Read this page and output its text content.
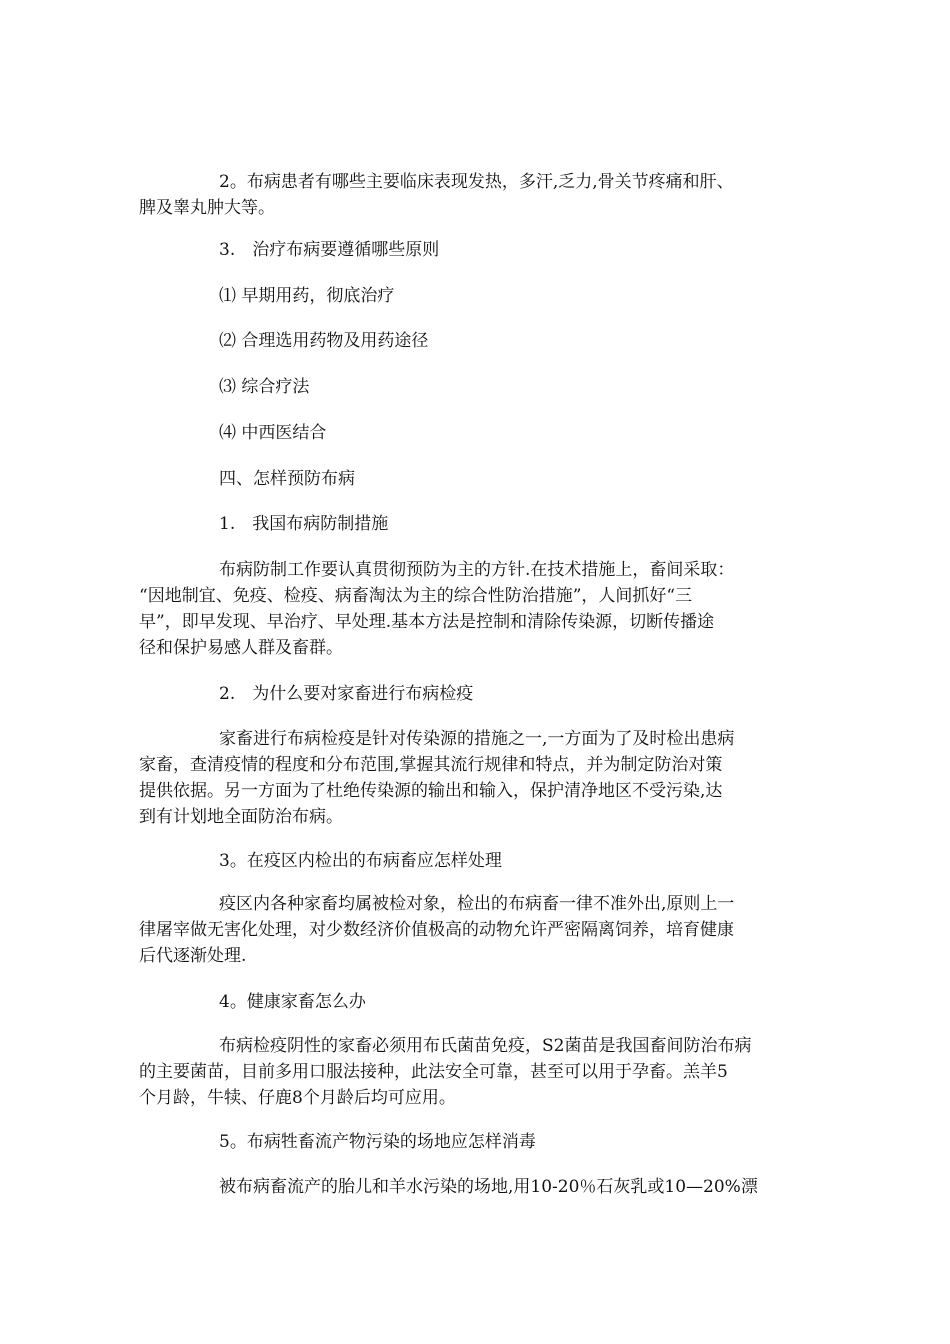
2。布病患者有哪些主要临床表现发热，多汗,乏力,骨关节疼痛和肝、
脾及睾丸肿大等。
3.　治疗布病要遵循哪些原则
⑴ 早期用药，彻底治疗
⑵ 合理选用药物及用药途径
⑶ 综合疗法
⑷ 中西医结合
四、怎样预防布病
1.　我国布病防制措施
布病防制工作要认真贯彻预防为主的方针.在技术措施上，畜间采取：
“因地制宜、免疫、检疫、病畜淘汰为主的综合性防治措施”，人间抓好“三
早”，即早发现、早治疗、早处理.基本方法是控制和清除传染源，切断传播途
径和保护易感人群及畜群。
2.　为什么要对家畜进行布病检疫
家畜进行布病检疫是针对传染源的措施之一,一方面为了及时检出患病
家畜，查清疫情的程度和分布范围,掌握其流行规律和特点，并为制定防治对策
提供依据。另一方面为了杜绝传染源的输出和输入，保护清净地区不受污染,达
到有计划地全面防治布病。
3。在疫区内检出的布病畜应怎样处理
疫区内各种家畜均属被检对象，检出的布病畜一律不准外出,原则上一
律屠宰做无害化处理，对少数经济价值极高的动物允许严密隔离饲养，培育健康
后代逐渐处理.
4。健康家畜怎么办
布病检疫阴性的家畜必须用布氏菌苗免疫，S2菌苗是我国畜间防治布病
的主要菌苗，目前多用口服法接种，此法安全可靠，甚至可以用于孕畜。羔羊5
个月龄，牛犊、仔鹿8个月龄后均可应用。
5。布病牲畜流产物污染的场地应怎样消毒
被布病畜流产的胎儿和羊水污染的场地,用10-20％石灰乳或10—20%漂
